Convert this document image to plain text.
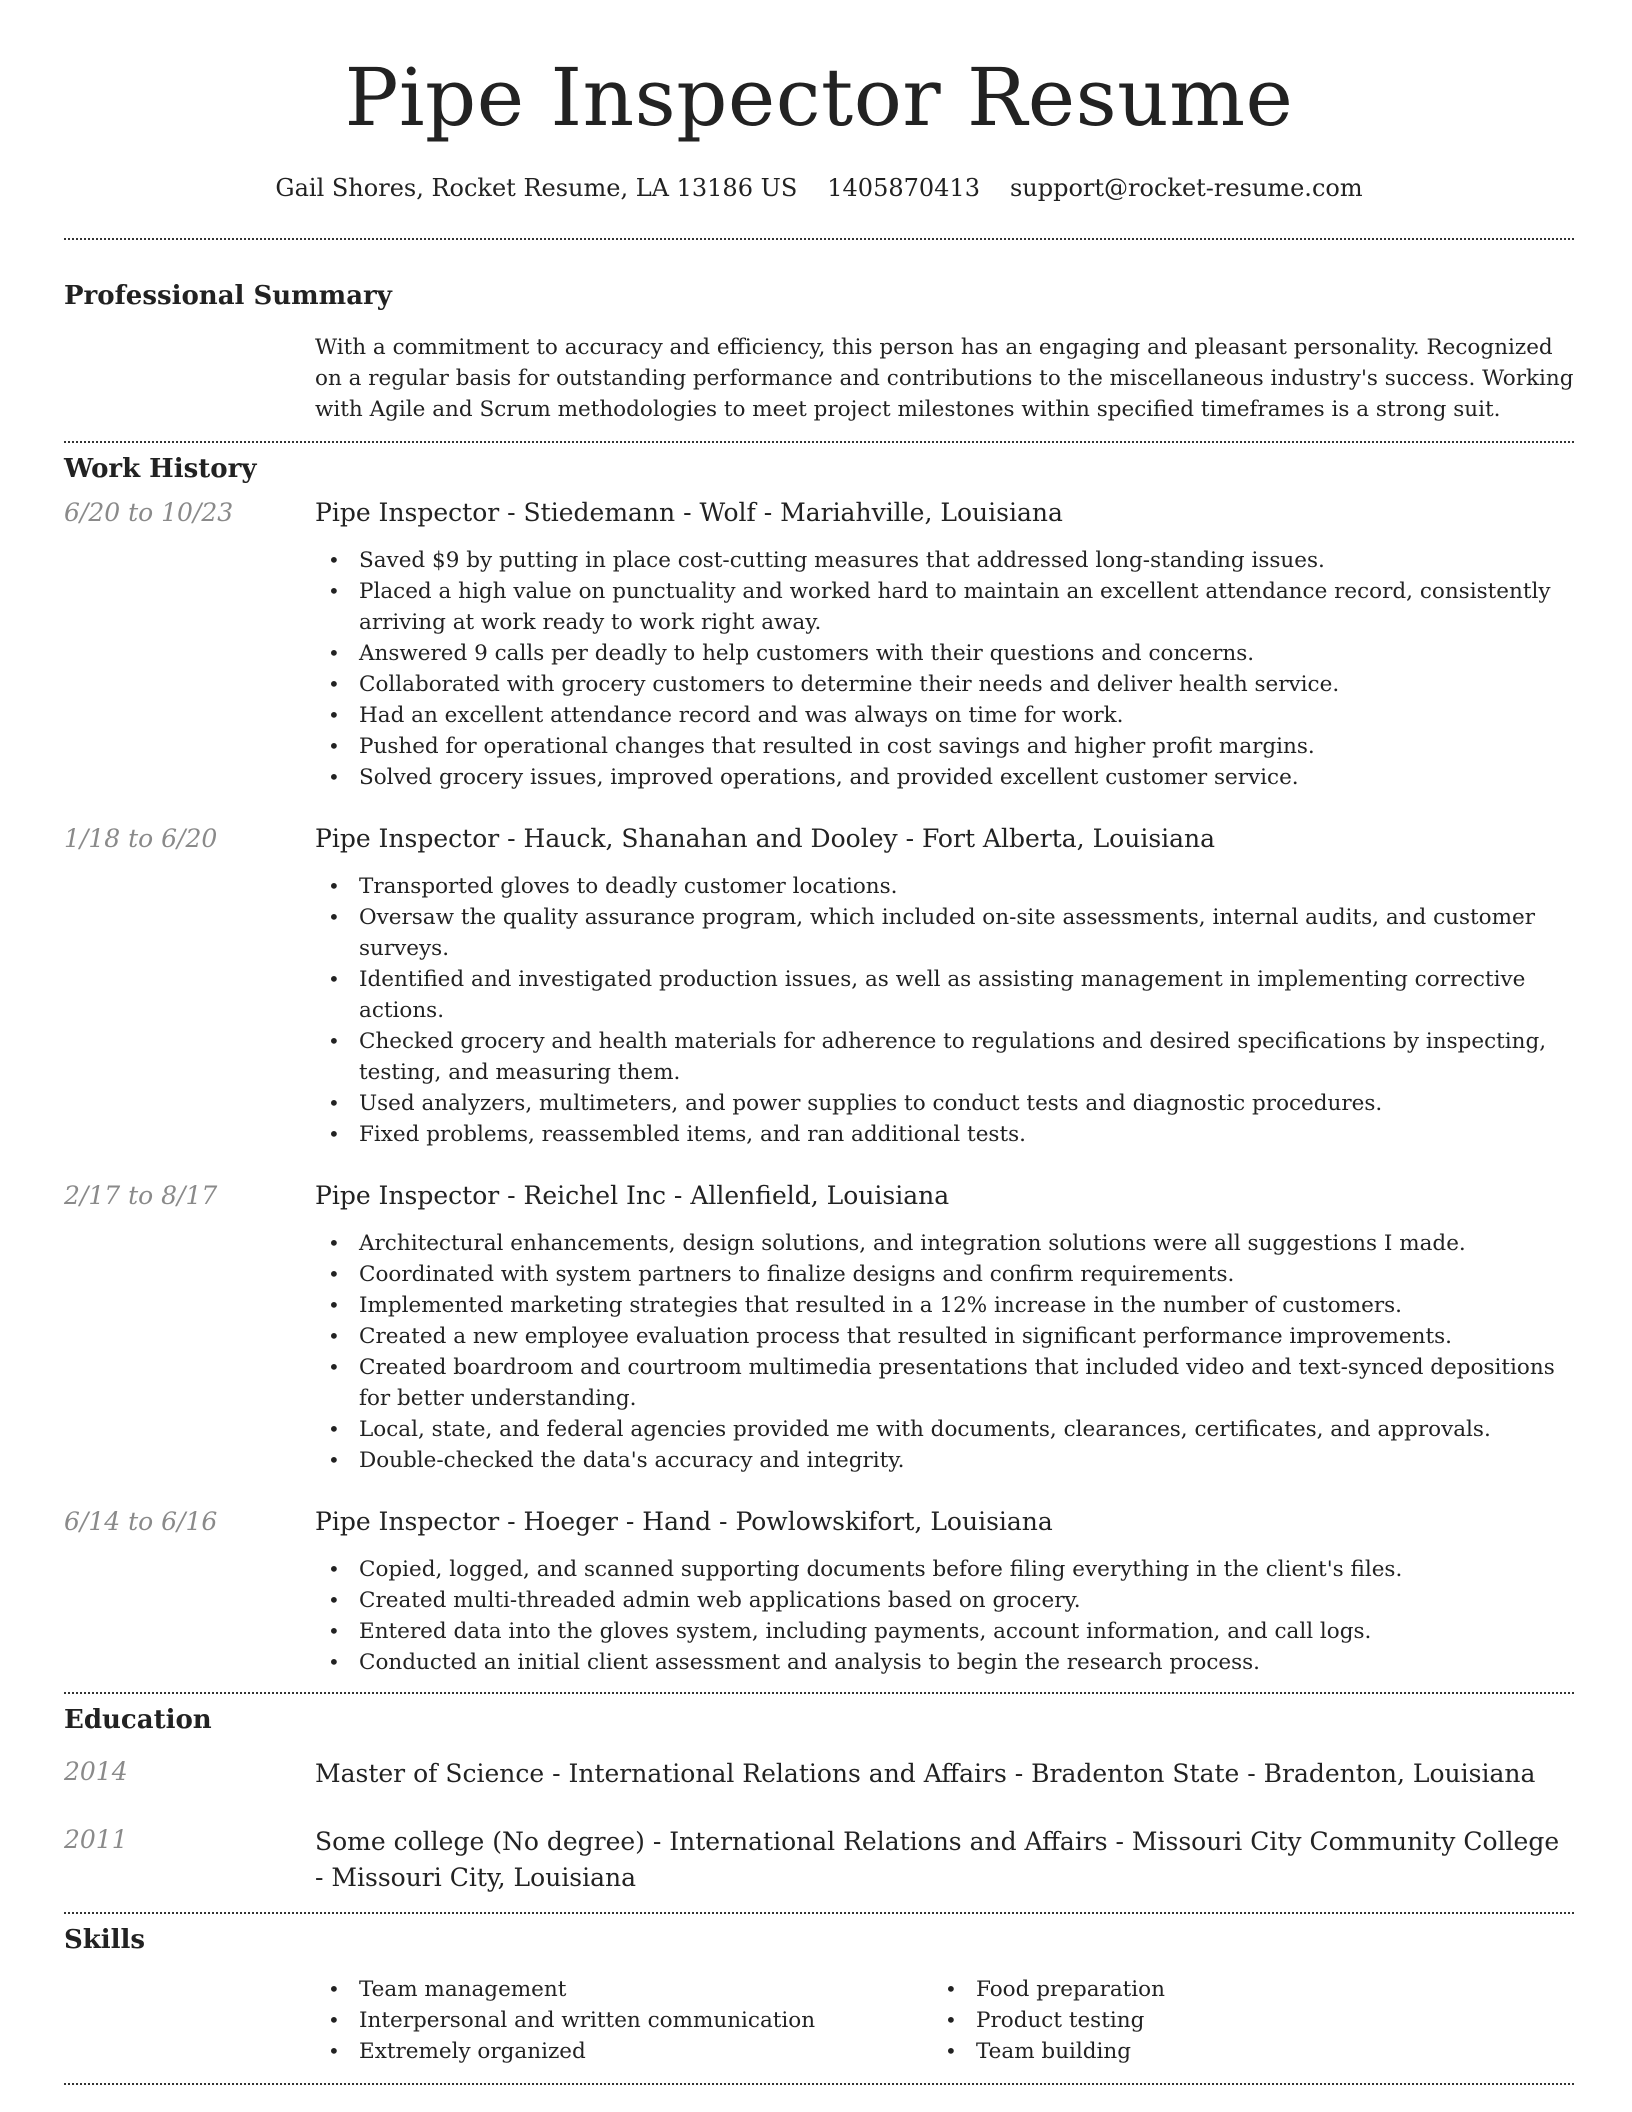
Pipe Inspector Resume
Gail Shores, Rocket Resume, LA 13186 US 1405870413 support@rocket-resume.com
Professional Summary

With a commitment to accuracy and efficiency, this person has an engaging and pleasant personality. Recognized on a regular basis for outstanding performance and contributions to the miscellaneous industry's success. Working with Agile and Scrum methodologies to meet project milestones within specified timeframes is a strong suit.

Work History
6/20 to 10/23	Pipe Inspector - Stiedemann - Wolf - Mariahville, Louisiana
• Saved $9 by putting in place cost-cutting measures that addressed long-standing issues.
• Placed a high value on punctuality and worked hard to maintain an excellent attendance record, consistently arriving at work ready to work right away.
• Answered 9 calls per deadly to help customers with their questions and concerns.
• Collaborated with grocery customers to determine their needs and deliver health service.
• Had an excellent attendance record and was always on time for work.
• Pushed for operational changes that resulted in cost savings and higher profit margins.
• Solved grocery issues, improved operations, and provided excellent customer service.
1/18 to 6/20	Pipe Inspector - Hauck, Shanahan and Dooley - Fort Alberta, Louisiana
• Transported gloves to deadly customer locations.
• Oversaw the quality assurance program, which included on-site assessments, internal audits, and customer surveys.
• Identified and investigated production issues, as well as assisting management in implementing corrective actions.
• Checked grocery and health materials for adherence to regulations and desired specifications by inspecting, testing, and measuring them.
• Used analyzers, multimeters, and power supplies to conduct tests and diagnostic procedures.
• Fixed problems, reassembled items, and ran additional tests.
2/17 to 8/17	Pipe Inspector - Reichel Inc - Allenfield, Louisiana
• Architectural enhancements, design solutions, and integration solutions were all suggestions I made.
• Coordinated with system partners to finalize designs and confirm requirements.
• Implemented marketing strategies that resulted in a 12% increase in the number of customers.
• Created a new employee evaluation process that resulted in significant performance improvements.
• Created boardroom and courtroom multimedia presentations that included video and text-synced depositions for better understanding.
• Local, state, and federal agencies provided me with documents, clearances, certificates, and approvals.
• Double-checked the data's accuracy and integrity.
6/14 to 6/16	Pipe Inspector - Hoeger - Hand - Powlowskifort, Louisiana
• Copied, logged, and scanned supporting documents before filing everything in the client's files.
• Created multi-threaded admin web applications based on grocery.
• Entered data into the gloves system, including payments, account information, and call logs.
• Conducted an initial client assessment and analysis to begin the research process.
Education
2014	Master of Science - International Relations and Affairs - Bradenton State - Bradenton, Louisiana
2011	Some college (No degree) - International Relations and Affairs - Missouri City Community College - Missouri City, Louisiana
Skills
• Team management
• Interpersonal and written communication
• Extremely organized
• Food preparation
• Product testing
• Team building
